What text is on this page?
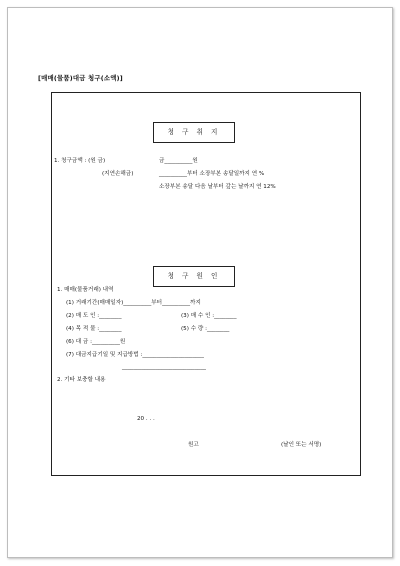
[매매(물품)대금 청구(소액)]
청 구 취 지
1. 청구금액 : (원 금)	금__________원
(지연손해금)	__________부터 소장부본 송달일까지 연 %
소장부본 송달 다음 날부터 갚는 날까지 연 12%
청 구 원 인
1. 매매(물품거래) 내역
(1) 거래기간(매매일자)__________부터__________까지
(2) 매 도 인 :________	(3) 매 수 인 :________
(4) 목 적 물 :________	(5) 수 량 :________
(6) 대 금 :__________원
(7) 대금지급기일 및 지급방법 :______________________
______________________________
2. 기타 보충할 내용
20 . . .
원고	(날인 또는 서명)
